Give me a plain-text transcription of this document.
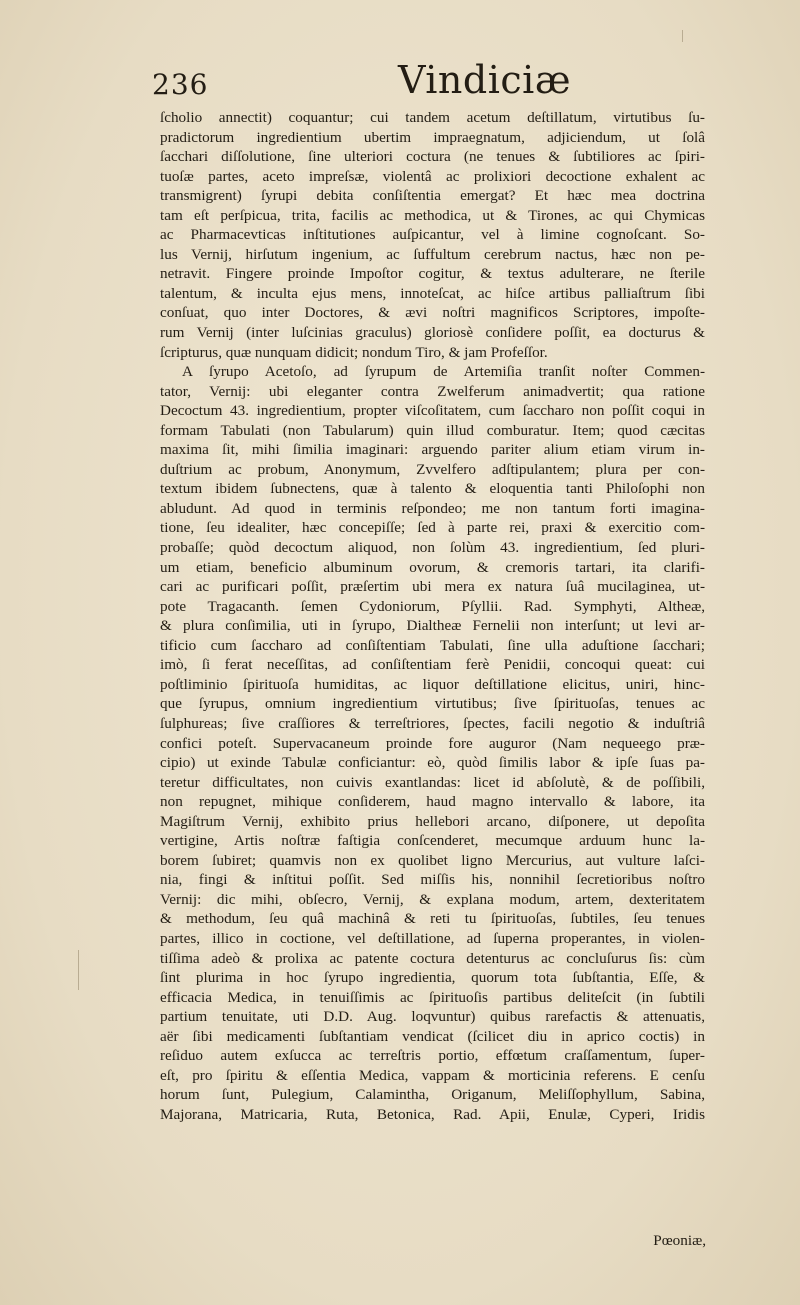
236	Vindiciæ
ſcholio annectit) coquantur; cui tandem acetum deſtillatum, virtutibus ſu-
pradictorum ingredientium ubertim impraegnatum, adjiciendum, ut ſolâ
ſacchari diſſolutione, ſine ulteriori coctura (ne tenues & ſubtiliores ac ſpiri-
tuoſæ partes, aceto impreſsæ, violentâ ac prolixiori decoctione exhalent ac
transmigrent) ſyrupi debita conſiſtentia emergat? Et hæc mea doctrina
tam eſt perſpicua, trita, facilis ac methodica, ut & Tirones, ac qui Chymicas
ac Pharmacevticas inſtitutiones auſpicantur, vel à limine cognoſcant. So-
lus Vernij, hirſutum ingenium, ac ſuffultum cerebrum nactus, hæc non pe-
netravit. Fingere proinde Impoſtor cogitur, & textus adulterare, ne ſterile
talentum, & inculta ejus mens, innoteſcat, ac hiſce artibus palliaſtrum ſibi
conſuat, quo inter Doctores, & ævi noſtri magnificos Scriptores, impoſte-
rum Vernij (inter luſcinias graculus) gloriosè conſidere poſſit, ea docturus &
ſcripturus, quæ nunquam didicit; nondum Tiro, & jam Profeſſor.
A ſyrupo Acetoſo, ad ſyrupum de Artemiſia tranſit noſter Commen-
tator, Vernij: ubi eleganter contra Zwelferum animadvertit; qua ratione
Decoctum 43. ingredientium, propter viſcoſitatem, cum ſaccharo non poſſit coqui in
formam Tabulati (non Tabularum) quin illud comburatur. Item; quod cæcitas
maxima ſit, mihi ſimilia imaginari: arguendo pariter alium etiam virum in-
duſtrium ac probum, Anonymum, Zvvelfero adſtipulantem; plura per con-
textum ibidem ſubnectens, quæ à talento & eloquentia tanti Philoſophi non
abludunt. Ad quod in terminis reſpondeo; me non tantum forti imagina-
tione, ſeu idealiter, hæc concepiſſe; ſed à parte rei, praxi & exercitio com-
probaſſe; quòd decoctum aliquod, non ſolùm 43. ingredientium, ſed pluri-
um etiam, beneficio albuminum ovorum, & cremoris tartari, ita clarifi-
cari ac purificari poſſit, præſertim ubi mera ex natura ſuâ mucilaginea, ut-
pote Tragacanth. ſemen Cydoniorum, Pſyllii. Rad. Symphyti, Altheæ,
& plura conſimilia, uti in ſyrupo, Dialtheæ Fernelii non interſunt; ut levi ar-
tificio cum ſaccharo ad conſiſtentiam Tabulati, ſine ulla aduſtione ſacchari;
imò, ſi ferat neceſſitas, ad conſiſtentiam ferè Penidii, concoqui queat: cui
poſtliminio ſpirituoſa humiditas, ac liquor deſtillatione elicitus, uniri, hinc-
que ſyrupus, omnium ingredientium virtutibus; ſive ſpirituoſas, tenues ac
ſulphureas; ſive craſſiores & terreſtriores, ſpectes, facili negotio & induſtriâ
confici poteſt. Supervacaneum proinde fore auguror (Nam nequeego præ-
cipio) ut exinde Tabulæ conficiantur: eò, quòd ſimilis labor & ipſe ſuas pa-
teretur difficultates, non cuivis exantlandas: licet id abſolutè, & de poſſibili,
non repugnet, mihique conſiderem, haud magno intervallo & labore, ita
Magiſtrum Vernij, exhibito prius hellebori arcano, diſponere, ut depoſita
vertigine, Artis noſtræ faſtigia conſcenderet, mecumque arduum hunc la-
borem ſubiret; quamvis non ex quolibet ligno Mercurius, aut vulture laſci-
nia, fingi & inſtitui poſſit. Sed miſſis his, nonnihil ſecretioribus noſtro
Vernij: dic mihi, obſecro, Vernij, & explana modum, artem, dexteritatem
& methodum, ſeu quâ machinâ & reti tu ſpirituoſas, ſubtiles, ſeu tenues
partes, illico in coctione, vel deſtillatione, ad ſuperna properantes, in violen-
tiſſima adeò & prolixa ac patente coctura detenturus ac concluſurus ſis: cùm
ſint plurima in hoc ſyrupo ingredientia, quorum tota ſubſtantia, Eſſe, &
efficacia Medica, in tenuiſſimis ac ſpirituoſis partibus deliteſcit (in ſubtili
partium tenuitate, uti D.D. Aug. loqvuntur) quibus rarefactis & attenuatis,
aër ſibi medicamenti ſubſtantiam vendicat (ſcilicet diu in aprico coctis) in
reſiduo autem exſucca ac terreſtris portio, effœtum craſſamentum, ſuper-
eſt, pro ſpiritu & eſſentia Medica, vappam & morticinia referens. E cenſu
horum ſunt, Pulegium, Calamintha, Origanum, Meliſſophyllum, Sabina,
Majorana, Matricaria, Ruta, Betonica, Rad. Apii, Enulæ, Cyperi, Iridis
Pœoniæ,
